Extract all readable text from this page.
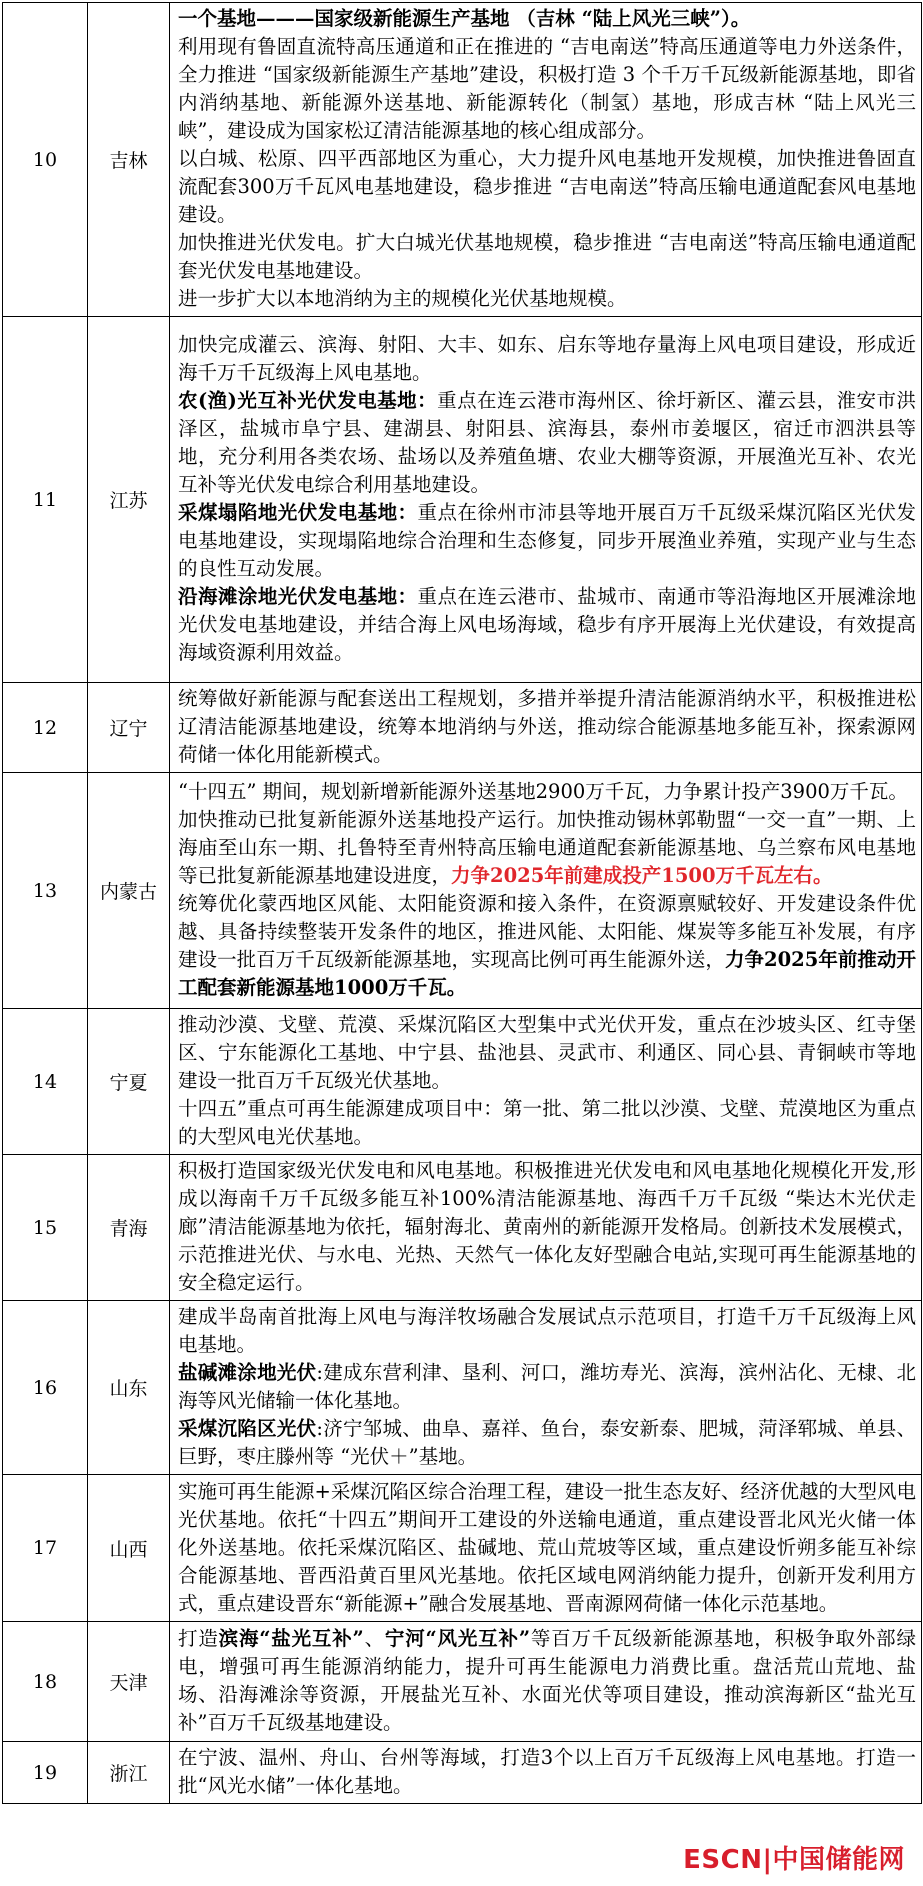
10	吉林	一个基地———国家级新能源生产基地 （吉林 “陆上风光三峡”）。

利用现有鲁固直流特高压通道和正在推进的 “吉电南送”特高压通道等电力外送条件，全力推进 “国家级新能源生产基地”建设，积极打造 3 个千万千瓦级新能源基地，即省内消纳基地、新能源外送基地、新能源转化（制氢）基地，形成吉林 “陆上风光三峡”，建设成为国家松辽清洁能源基地的核心组成部分。

以白城、松原、四平西部地区为重心，大力提升风电基地开发规模，加快推进鲁固直流配套300万千瓦风电基地建设，稳步推进 “吉电南送”特高压输电通道配套风电基地建设。

加快推进光伏发电。扩大白城光伏基地规模，稳步推进 “吉电南送”特高压输电通道配套光伏发电基地建设。

进一步扩大以本地消纳为主的规模化光伏基地规模。

11	江苏	加快完成灌云、滨海、射阳、大丰、如东、启东等地存量海上风电项目建设，形成近海千万千瓦级海上风电基地。

农(渔)光互补光伏发电基地：重点在连云港市海州区、徐圩新区、灌云县，淮安市洪泽区，盐城市阜宁县、建湖县、射阳县、滨海县，泰州市姜堰区，宿迁市泗洪县等地，充分利用各类农场、盐场以及养殖鱼塘、农业大棚等资源，开展渔光互补、农光互补等光伏发电综合利用基地建设。

采煤塌陷地光伏发电基地：重点在徐州市沛县等地开展百万千瓦级采煤沉陷区光伏发电基地建设，实现塌陷地综合治理和生态修复，同步开展渔业养殖，实现产业与生态的良性互动发展。

沿海滩涂地光伏发电基地：重点在连云港市、盐城市、南通市等沿海地区开展滩涂地光伏发电基地建设，并结合海上风电场海域，稳步有序开展海上光伏建设，有效提高海域资源利用效益。

12	辽宁	统筹做好新能源与配套送出工程规划，多措并举提升清洁能源消纳水平，积极推进松辽清洁能源基地建设，统筹本地消纳与外送，推动综合能源基地多能互补，探索源网荷储一体化用能新模式。

13	内蒙古	“十四五” 期间，规划新增新能源外送基地2900万千瓦，力争累计投产3900万千瓦。

加快推动已批复新能源外送基地投产运行。加快推动锡林郭勒盟“一交一直”一期、上海庙至山东一期、扎鲁特至青州特高压输电通道配套新能源基地、乌兰察布风电基地等已批复新能源基地建设进度，力争2025年前建成投产1500万千瓦左右。

统筹优化蒙西地区风能、太阳能资源和接入条件，在资源禀赋较好、开发建设条件优越、具备持续整装开发条件的地区，推进风能、太阳能、煤炭等多能互补发展，有序建设一批百万千瓦级新能源基地，实现高比例可再生能源外送，力争2025年前推动开工配套新能源基地1000万千瓦。

14	宁夏	推动沙漠、戈壁、荒漠、采煤沉陷区大型集中式光伏开发，重点在沙坡头区、红寺堡区、宁东能源化工基地、中宁县、盐池县、灵武市、利通区、同心县、青铜峡市等地建设一批百万千瓦级光伏基地。

十四五”重点可再生能源建成项目中：第一批、第二批以沙漠、戈壁、荒漠地区为重点的大型风电光伏基地。

15	青海	积极打造国家级光伏发电和风电基地。积极推进光伏发电和风电基地化规模化开发,形成以海南千万千瓦级多能互补100%清洁能源基地、海西千万千瓦级 “柴达木光伏走廊”清洁能源基地为依托，辐射海北、黄南州的新能源开发格局。创新技术发展模式，示范推进光伏、与水电、光热、天然气一体化友好型融合电站,实现可再生能源基地的安全稳定运行。

16	山东	建成半岛南首批海上风电与海洋牧场融合发展试点示范项目，打造千万千瓦级海上风电基地。

盐碱滩涂地光伏:建成东营利津、垦利、河口，潍坊寿光、滨海，滨州沾化、无棣、北海等风光储输一体化基地。

采煤沉陷区光伏:济宁邹城、曲阜、嘉祥、鱼台，泰安新泰、肥城，菏泽郓城、单县、巨野，枣庄滕州等 “光伏＋”基地。

17	山西	实施可再生能源+采煤沉陷区综合治理工程，建设一批生态友好、经济优越的大型风电光伏基地。依托“十四五”期间开工建设的外送输电通道，重点建设晋北风光火储一体化外送基地。依托采煤沉陷区、盐碱地、荒山荒坡等区域，重点建设忻朔多能互补综合能源基地、晋西沿黄百里风光基地。依托区域电网消纳能力提升，创新开发利用方式，重点建设晋东“新能源+”融合发展基地、晋南源网荷储一体化示范基地。

18	天津	打造滨海“盐光互补”、宁河“风光互补”等百万千瓦级新能源基地，积极争取外部绿电，增强可再生能源消纳能力，提升可再生能源电力消费比重。盘活荒山荒地、盐场、沿海滩涂等资源，开展盐光互补、水面光伏等项目建设，推动滨海新区“盐光互补”百万千瓦级基地建设。

19	浙江	在宁波、温州、舟山、台州等海域，打造3个以上百万千瓦级海上风电基地。打造一批“风光水储”一体化基地。

ESCN|中国储能网
